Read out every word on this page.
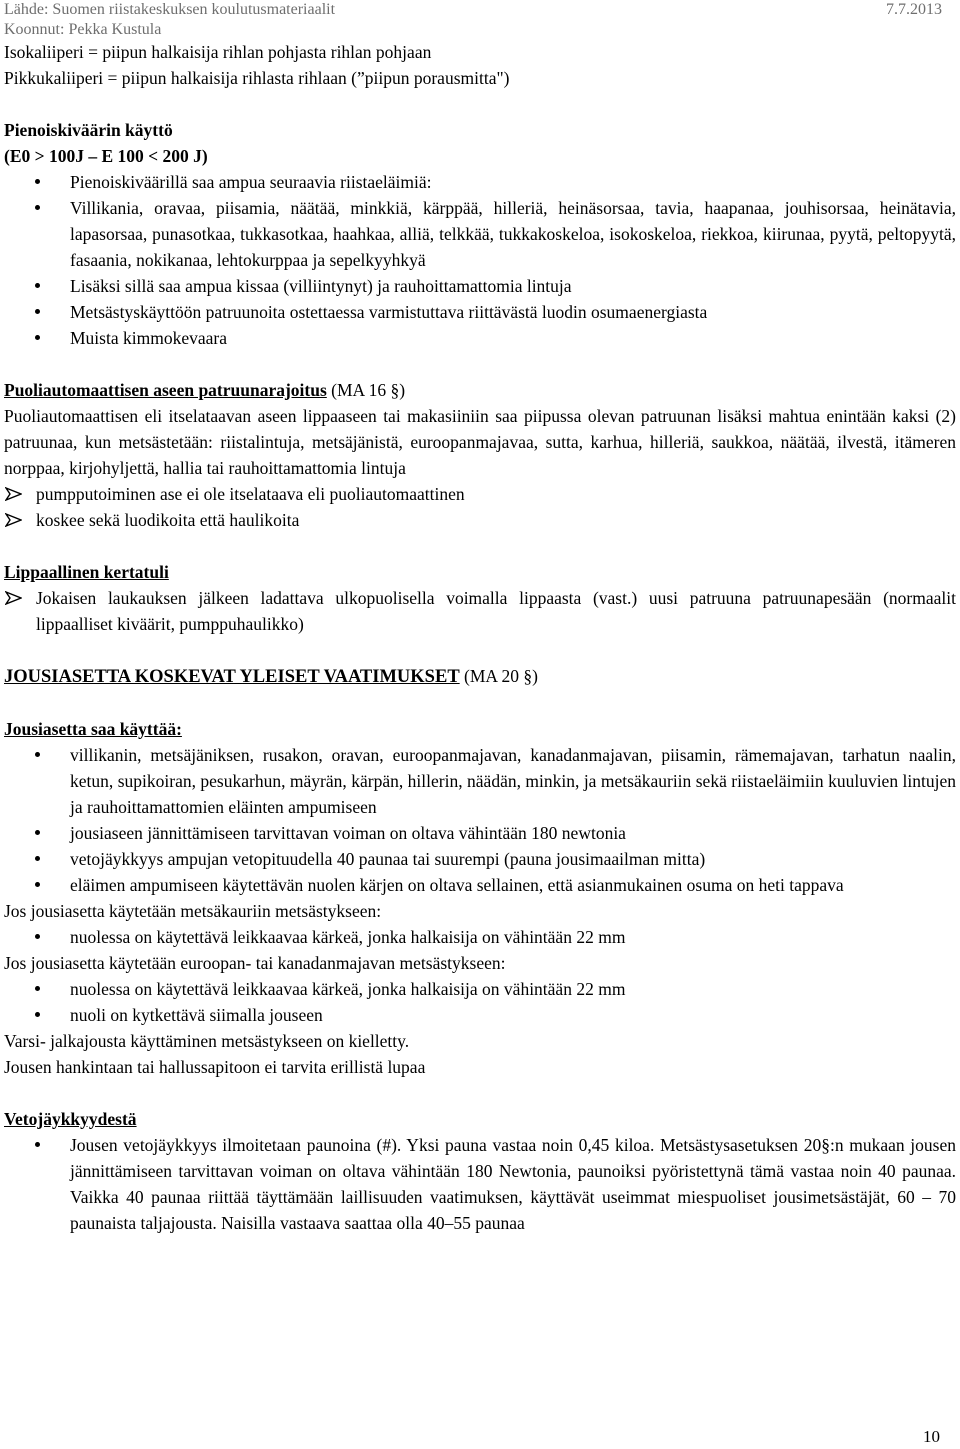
Lähde: Suomen riistakeskuksen koulutusmateriaalit	7.7.2013
Koonnut: Pekka Kustula

Isokaliiperi = piipun halkaisija rihlan pohjasta rihlan pohjaan

Pikkukaliiperi = piipun halkaisija rihlasta rihlaan (”piipun porausmitta")

Pienoiskiväärin käyttö

(E0 > 100J – E 100 < 200 J)

Pienoiskiväärillä saa ampua seuraavia riistaeläimiä:
Villikania, oravaa, piisamia, näätää, minkkiä, kärppää, hilleriä, heinäsorsaa, tavia, haapanaa, jouhisorsaa, heinätavia, lapasorsaa, punasotkaa, tukkasotkaa, haahkaa, alliä, telkkää, tukkakoskeloa, isokoskeloa, riekkoa, kiirunaa, pyytä, peltopyytä, fasaania, nokikanaa, lehtokurppaa ja sepelkyyhkyä
Lisäksi sillä saa ampua kissaa (villiintynyt) ja rauhoittamattomia lintuja
Metsästyskäyttöön patruunoita ostettaessa varmistuttava riittävästä luodin osumaenergiasta
Muista kimmokevaara

Puoliautomaattisen aseen patruunarajoitus (MA 16 §)

Puoliautomaattisen eli itselataavan aseen lippaaseen tai makasiiniin saa piipussa olevan patruunan lisäksi mahtua enintään kaksi (2) patruunaa, kun metsästetään: riistalintuja, metsäjänistä, euroopanmajavaa, sutta, karhua, hilleriä, saukkoa, näätää, ilvestä, itämeren norppaa, kirjohyljettä, hallia tai rauhoittamattomia lintuja

pumpputoiminen ase ei ole itselataava eli puoliautomaattinen
koskee sekä luodikoita että haulikoita

Lippaallinen kertatuli

Jokaisen laukauksen jälkeen ladattava ulkopuolisella voimalla lippaasta (vast.) uusi patruuna patruunapesään (normaalit lippaalliset kiväärit, pumppuhaulikko)

JOUSIASETTA KOSKEVAT YLEISET VAATIMUKSET (MA 20 §)

Jousiasetta saa käyttää:

villikanin, metsäjäniksen, rusakon, oravan, euroopanmajavan, kanadanmajavan, piisamin, rämemajavan, tarhatun naalin, ketun, supikoiran, pesukarhun, mäyrän, kärpän, hillerin, näädän, minkin, ja metsäkauriin sekä riistaeläimiin kuuluvien lintujen ja rauhoittamattomien eläinten ampumiseen
jousiaseen jännittämiseen tarvittavan voiman on oltava vähintään 180 newtonia
vetojäykkyys ampujan vetopituudella 40 paunaa tai suurempi (pauna jousimaailman mitta)
eläimen ampumiseen käytettävän nuolen kärjen on oltava sellainen, että asianmukainen osuma on heti tappava

Jos jousiasetta käytetään metsäkauriin metsästykseen:

nuolessa on käytettävä leikkaavaa kärkeä, jonka halkaisija on vähintään 22 mm

Jos jousiasetta käytetään euroopan- tai kanadanmajavan metsästykseen:

nuolessa on käytettävä leikkaavaa kärkeä, jonka halkaisija on vähintään 22 mm
nuoli on kytkettävä siimalla jouseen

Varsi- jalkajousta käyttäminen metsästykseen on kielletty.

Jousen hankintaan tai hallussapitoon ei tarvita erillistä lupaa

Vetojäykkyydestä

Jousen vetojäykkyys ilmoitetaan paunoina (#). Yksi pauna vastaa noin 0,45 kiloa. Metsästysasetuksen 20§:n mukaan jousen jännittämiseen tarvittavan voiman on oltava vähintään 180 Newtonia, paunoiksi pyöristettynä tämä vastaa noin 40 paunaa. Vaikka 40 paunaa riittää täyttämään laillisuuden vaatimuksen, käyttävät useimmat miespuoliset jousimetsästäjät, 60 – 70 paunaista taljajousta. Naisilla vastaava saattaa olla 40–55 paunaa
10
